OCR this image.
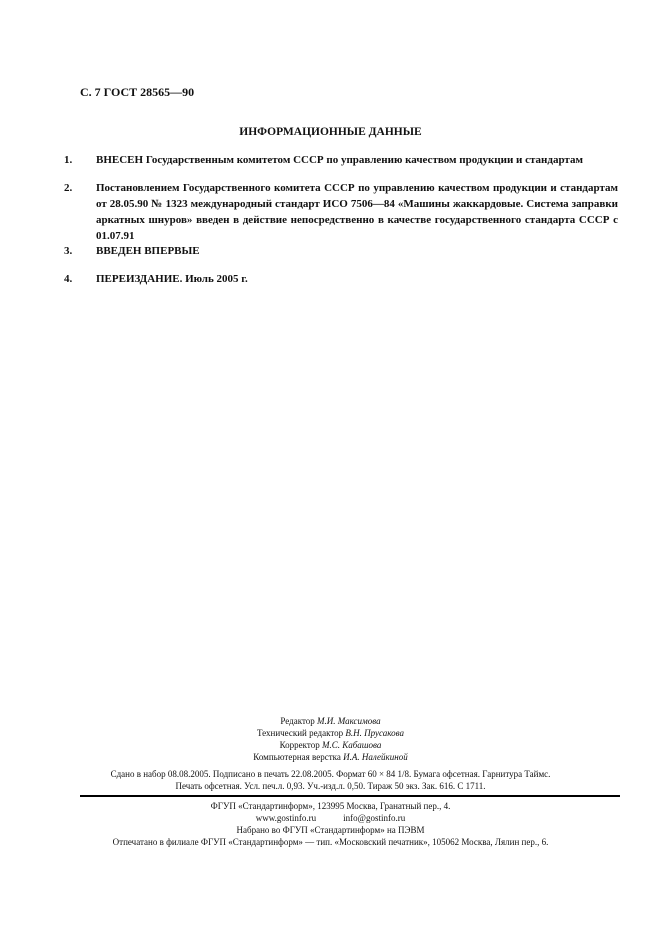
С. 7 ГОСТ 28565—90
ИНФОРМАЦИОННЫЕ ДАННЫЕ
1. ВНЕСЕН Государственным комитетом СССР по управлению качеством продукции и стандартам
2. Постановлением Государственного комитета СССР по управлению качеством продукции и стандартам от 28.05.90 № 1323 международный стандарт ИСО 7506—84 «Машины жаккардовые. Система заправки аркатных шнуров» введен в действие непосредственно в качестве государственного стандарта СССР с 01.07.91
3. ВВЕДЕН ВПЕРВЫЕ
4. ПЕРЕИЗДАНИЕ. Июль 2005 г.
Редактор М.И. Максимова
Технический редактор В.Н. Прусакова
Корректор М.С. Кабашова
Компьютерная верстка И.А. Налейкиной
Сдано в набор 08.08.2005. Подписано в печать 22.08.2005. Формат 60 × 84 1/8. Бумага офсетная. Гарнитура Таймс.
Печать офсетная. Усл. печ.л. 0,93. Уч.-изд.л. 0,50. Тираж 50 экз. Зак. 616. С 1711.
ФГУП «Стандартинформ», 123995 Москва, Гранатный пер., 4.
www.gostinfo.ru            info@gostinfo.ru
Набрано во ФГУП «Стандартинформ» на ПЭВМ
Отпечатано в филиале ФГУП «Стандартинформ» — тип. «Московский печатник», 105062 Москва, Лялин пер., 6.
